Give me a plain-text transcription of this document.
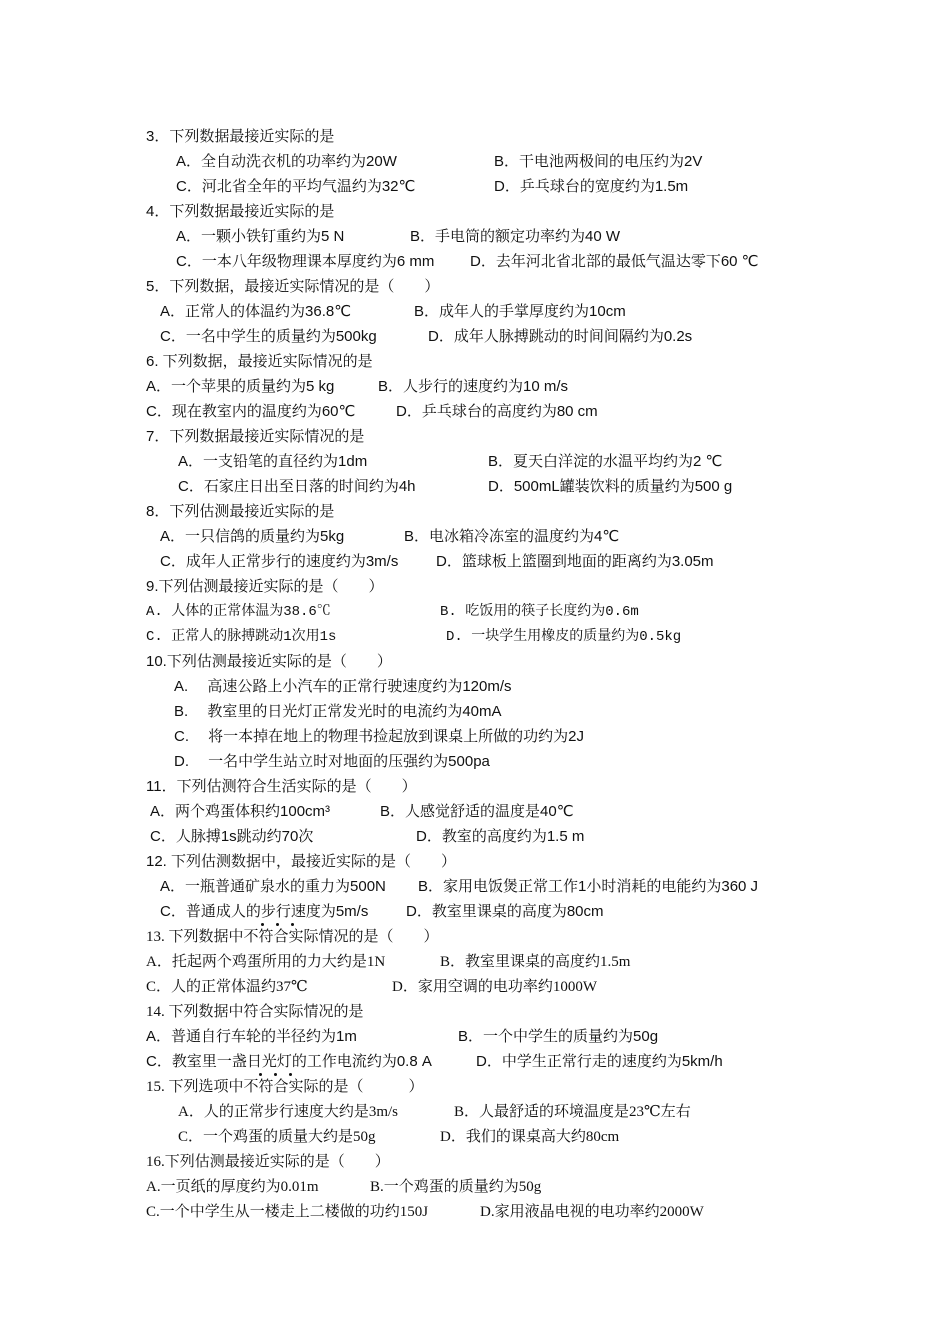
3．下列数据最接近实际的是
A．全自动洗衣机的功率约为20W	B．干电池两极间的电压约为2V
C．河北省全年的平均气温约为32℃	D．乒乓球台的宽度约为1.5m
4．下列数据最接近实际的是
A．一颗小铁钉重约为5 N	B．手电筒的额定功率约为40 W
C．一本八年级物理课本厚度约为6 mm D．去年河北省北部的最低气温达零下60 ℃
5．下列数据，最接近实际情况的是（　　）
A．正常人的体温约为36.8℃	B．成年人的手掌厚度约为10cm
C．一名中学生的质量约为500kg	D．成年人脉搏跳动的时间间隔约为0.2s
6. 下列数据，最接近实际情况的是
A．一个苹果的质量约为5 kg	B．人步行的速度约为10 m/s
C．现在教室内的温度约为60℃	D．乒乓球台的高度约为80 cm
7．下列数据最接近实际情况的是
A．一支铅笔的直径约为1dm	B．夏天白洋淀的水温平均约为2 ℃
C．石家庄日出至日落的时间约为4h	D．500mL罐装饮料的质量约为500 g
8．下列估测最接近实际的是
A．一只信鸽的质量约为5kg	B．电冰箱冷冻室的温度约为4℃
C．成年人正常步行的速度约为3m/s	D．篮球板上篮圈到地面的距离约为3.05m
9.下列估测最接近实际的是（　　）
A. 人体的正常体温为38.6℃	B. 吃饭用的筷子长度约为0.6m
C. 正常人的脉搏跳动1次用1s	D. 一块学生用橡皮的质量约为0.5kg
10.下列估测最接近实际的是（　　）
A.　 高速公路上小汽车的正常行驶速度约为120m/s
B.　 教室里的日光灯正常发光时的电流约为40mA
C.　 将一本掉在地上的物理书捡起放到课桌上所做的功约为2J
D.　 一名中学生站立时对地面的压强约为500pa
11．下列估测符合生活实际的是（　　）
A．两个鸡蛋体积约100cm³	B．人感觉舒适的温度是40℃
C．人脉搏1s跳动约70次	D．教室的高度约为1.5 m
12. 下列估测数据中，最接近实际的是（　　）
A．一瓶普通矿泉水的重力为500N B．家用电饭煲正常工作1小时消耗的电能约为360 J
C．普通成人的步行速度为5m/s	D．教室里课桌的高度为80cm
13. 下列数据中不符合实际情况的是（　　）
A．托起两个鸡蛋所用的力大约是1N	B．教室里课桌的高度约1.5m
C．人的正常体温约37℃	D．家用空调的电功率约1000W
14. 下列数据中符合实际情况的是
A．普通自行车轮的半径约为1m	B．一个中学生的质量约为50g
C．教室里一盏日光灯的工作电流约为0.8 A	D．中学生正常行走的速度约为5km/h
15. 下列选项中不符合实际的是（　　　）
A．人的正常步行速度大约是3m/s	B．人最舒适的环境温度是23℃左右
C．一个鸡蛋的质量大约是50g	D．我们的课桌高大约80cm
16.下列估测最接近实际的是（　　）
A.一页纸的厚度约为0.01m	B.一个鸡蛋的质量约为50g
C.一个中学生从一楼走上二楼做的功约150J	D.家用液晶电视的电功率约2000W
